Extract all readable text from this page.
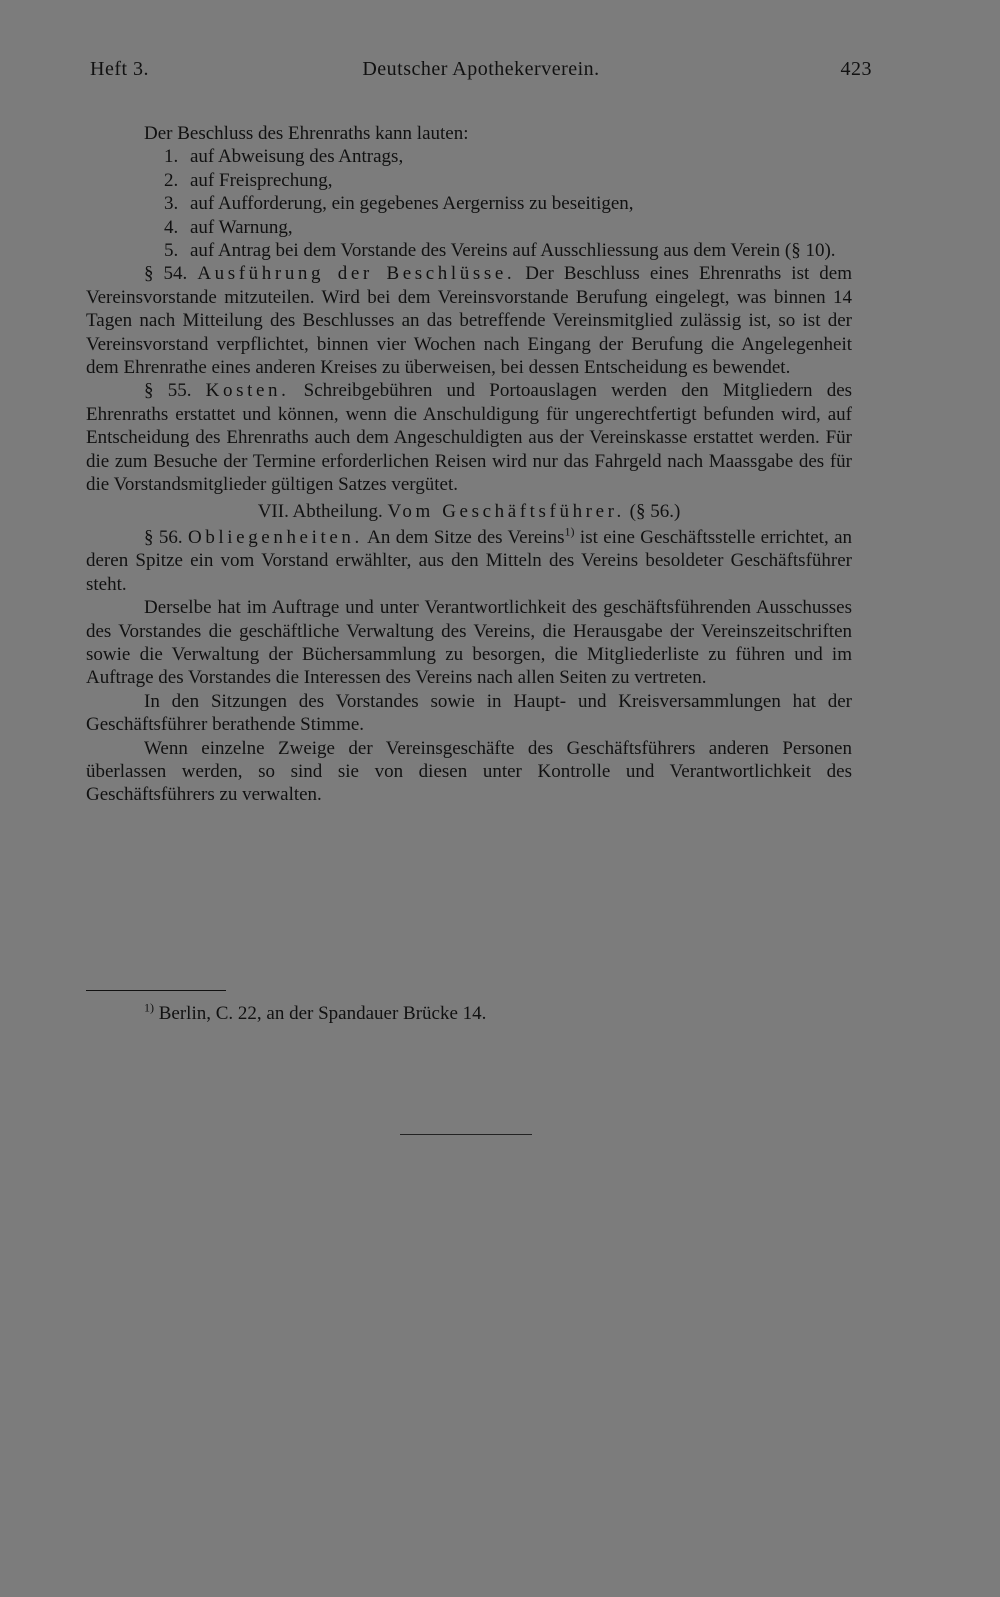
Heft 3.	Deutscher Apothekerverein.	423

Der Beschluss des Ehrenraths kann lauten:

1. auf Abweisung des Antrags,
2. auf Freisprechung,
3. auf Aufforderung, ein gegebenes Aergerniss zu beseitigen,
4. auf Warnung,
5. auf Antrag bei dem Vorstande des Vereins auf Ausschliessung aus dem Verein (§ 10).

§ 54. Ausführung der Beschlüsse. Der Beschluss eines Ehrenraths ist dem Vereinsvorstande mitzuteilen. Wird bei dem Vereinsvorstande Berufung eingelegt, was binnen 14 Tagen nach Mitteilung des Beschlusses an das betreffende Vereinsmitglied zulässig ist, so ist der Vereinsvorstand verpflichtet, binnen vier Wochen nach Eingang der Berufung die Angelegenheit dem Ehrenrathe eines anderen Kreises zu überweisen, bei dessen Entscheidung es bewendet.

§ 55. Kosten. Schreibgebühren und Portoauslagen werden den Mitgliedern des Ehrenraths erstattet und können, wenn die Anschuldigung für ungerechtfertigt befunden wird, auf Entscheidung des Ehrenraths auch dem Angeschuldigten aus der Vereinskasse erstattet werden. Für die zum Besuche der Termine erforderlichen Reisen wird nur das Fahrgeld nach Maassgabe des für die Vorstandsmitglieder gültigen Satzes vergütet.

VII. Abtheilung. Vom Geschäftsführer. (§ 56.)

§ 56. Obliegenheiten. An dem Sitze des Vereins$^{1)}$ ist eine Geschäftsstelle errichtet, an deren Spitze ein vom Vorstand erwählter, aus den Mitteln des Vereins besoldeter Geschäftsführer steht.

Derselbe hat im Auftrage und unter Verantwortlichkeit des geschäftsführenden Ausschusses des Vorstandes die geschäftliche Verwaltung des Vereins, die Herausgabe der Vereinszeitschriften sowie die Verwaltung der Büchersammlung zu besorgen, die Mitgliederliste zu führen und im Auftrage des Vorstandes die Interessen des Vereins nach allen Seiten zu vertreten.

In den Sitzungen des Vorstandes sowie in Haupt- und Kreisversammlungen hat der Geschäftsführer berathende Stimme.

Wenn einzelne Zweige der Vereinsgeschäfte des Geschäftsführers anderen Personen überlassen werden, so sind sie von diesen unter Kontrolle und Verantwortlichkeit des Geschäftsführers zu verwalten.

$^{1)}$ Berlin, C. 22, an der Spandauer Brücke 14.
